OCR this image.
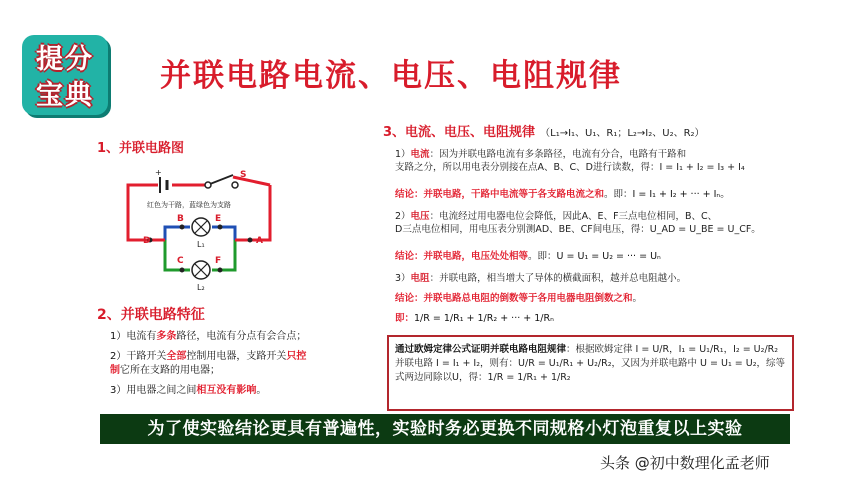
提分
宝典
并联电路电流、电压、电阻规律
1、并联电路图
+
红色为干路，蓝绿色为支路
S
D	A
B	E
C	F
L₁
L₂
2、并联电路特征
1）电流有多条路径，电流有分点有会合点；
2）干路开关全部控制用电器，支路开关只控
制它所在支路的用电器；
3）用电器之间之间相互没有影响。
3、电流、电压、电阻规律 （L₁→I₁、U₁、R₁；L₂→I₂、U₂、R₂）
1）电流：因为并联电路电流有多条路径，电流有分合，电路有干路和
支路之分，所以用电表分别接在点A、B、C、D进行读数，得：I = I₁ + I₂ = I₃ + I₄
结论：并联电路，干路中电流等于各支路电流之和。即：I = I₁ + I₂ + ··· + Iₙ。
2）电压：电流经过用电器电位会降低，因此A、E、F三点电位相同，B、C、
D三点电位相同，用电压表分别测AD、BE、CF间电压，得：U_AD = U_BE = U_CF。
结论：并联电路，电压处处相等。即：U = U₁ = U₂ = ··· = Uₙ
3）电阻：并联电路，相当增大了导体的横截面积，越并总电阻越小。
结论：并联电路总电阻的倒数等于各用电器电阻倒数之和。
即：1/R = 1/R₁ + 1/R₂ + ··· + 1/Rₙ
通过欧姆定律公式证明并联电路电阻规律：根据欧姆定律 I = U/R，I₁ = U₁/R₁，I₂ = U₂/R₂
并联电路 I = I₁ + I₂，则有：U/R = U₁/R₁ + U₂/R₂，又因为并联电路中 U = U₁ = U₂，综等
式两边同除以U，得：1/R = 1/R₁ + 1/R₂
为了使实验结论更具有普遍性，实验时务必更换不同规格小灯泡重复以上实验
头条 @初中数理化孟老师
